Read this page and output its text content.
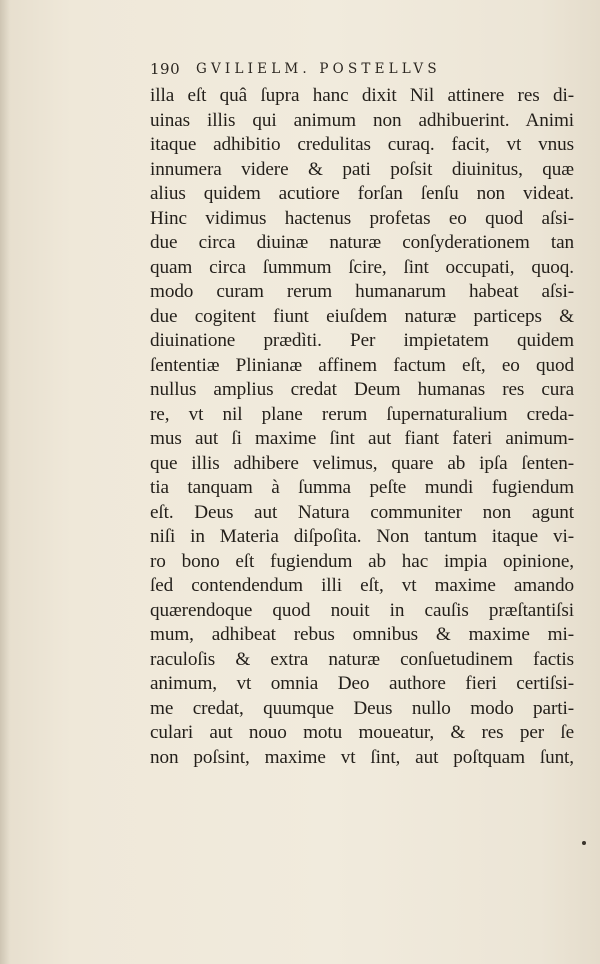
190 GVILIELM. POSTELLVS
illa eſt quâ ſupra hanc dixit Nil attinere res di-
uinas illis qui animum non adhibuerint. Animi
itaque adhibitio credulitas curaq. facit, vt vnus
innumera videre & pati poſsit diuinitus, quæ
alius quidem acutiore forſan ſenſu non videat.
Hinc vidimus hactenus profetas eo quod aſsi-
due circa diuinæ naturæ conſyderationem tan
quam circa ſummum ſcire, ſint occupati, quoq.
modo curam rerum humanarum habeat aſsi-
due cogitent fiunt eiuſdem naturæ particeps &
diuinatione prædìti. Per impietatem quidem
ſententiæ Plinianæ affinem factum eſt, eo quod
nullus amplius credat Deum humanas res cura
re, vt nil plane rerum ſupernaturalium creda-
mus aut ſi maxime ſint aut fiant fateri animum-
que illis adhibere velimus, quare ab ipſa ſenten-
tia tanquam à ſumma peſte mundi fugiendum
eſt. Deus aut Natura communiter non agunt
niſi in Materia diſpoſita. Non tantum itaque vi-
ro bono eſt fugiendum ab hac impia opinione,
ſed contendendum illi eſt, vt maxime amando
quærendoque quod nouit in cauſis præſtantiſsi
mum, adhibeat rebus omnibus & maxime mi-
raculoſis & extra naturæ conſuetudinem factis
animum, vt omnia Deo authore fieri certiſsi-
me credat, quumque Deus nullo modo parti-
culari aut nouo motu moueatur, & res per ſe
non poſsint, maxime vt ſint, aut poſtquam ſunt,
